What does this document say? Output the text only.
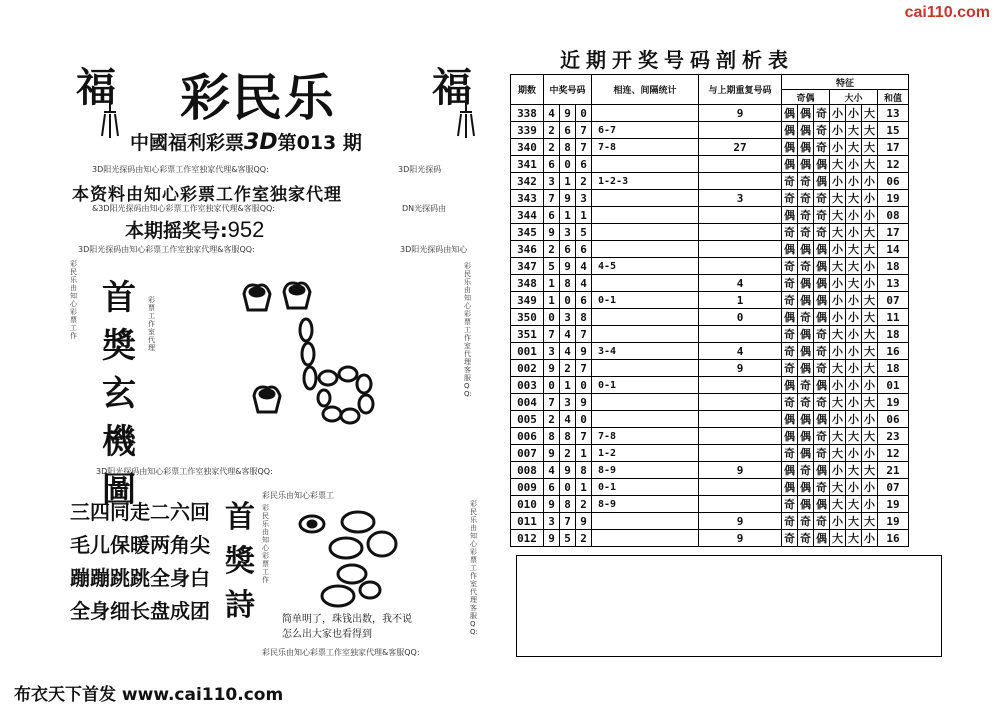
cai110.com
福	福
彩民乐
中國福利彩票3D第013 期
3D阳光探码由知心彩票工作室独家代理&客服QQ:	3D阳光探码
本资料由知心彩票工作室独家代理
&3D阳光探码由知心彩票工作室独家代理&客服QQ:	DN光探码由
本期摇奖号:952
3D阳光探码由知心彩票工作室独家代理&客服QQ:	3D阳光探码由知心
彩民乐由知心彩票工作
彩票工作室代理
彩民乐由知心彩票工作室代理客服QQ:
首
奬
玄
機
圖
3D阳光探码由知心彩票工作室独家代理&客服QQ:
三四同走二六回
毛儿保暖两角尖
蹦蹦跳跳全身白
全身细长盘成团
彩民乐由知心彩票工
首
獎
詩
彩民乐由知心彩票工作
彩民乐由知心彩票工作室代理客服QQ:
简单明了，珠钱出数，我不说
怎么出大家也看得到
彩民乐由知心彩票工作室独家代理&客服QQ:
布衣天下首发 www.cai110.com
近期开奖号码剖析表
期数	中奖号码			相连、间隔统计	与上期重复号码	特征						
						奇偶			大小			和值
338	4	9	0		9	偶	偶	奇	小	小	大	13
339	2	6	7	6-7		偶	偶	奇	小	大	大	15
340	2	8	7	7-8	27	偶	偶	奇	小	大	大	17
341	6	0	6			偶	偶	偶	大	小	大	12
342	3	1	2	1-2-3		奇	奇	偶	小	小	小	06
343	7	9	3		3	奇	奇	奇	大	大	小	19
344	6	1	1			偶	奇	奇	大	小	小	08
345	9	3	5			奇	奇	奇	大	小	大	17
346	2	6	6			偶	偶	偶	小	大	大	14
347	5	9	4	4-5		奇	奇	偶	大	大	小	18
348	1	8	4		4	奇	偶	偶	小	大	小	13
349	1	0	6	0-1	1	奇	偶	偶	小	小	大	07
350	0	3	8		0	偶	奇	偶	小	小	大	11
351	7	4	7			奇	偶	奇	大	小	大	18
001	3	4	9	3-4	4	奇	偶	奇	小	小	大	16
002	9	2	7		9	奇	偶	奇	大	小	大	18
003	0	1	0	0-1		偶	奇	偶	小	小	小	01
004	7	3	9			奇	奇	奇	大	小	大	19
005	2	4	0			偶	偶	偶	小	小	小	06
006	8	8	7	7-8		偶	偶	奇	大	大	大	23
007	9	2	1	1-2		奇	偶	奇	大	小	小	12
008	4	9	8	8-9	9	偶	奇	偶	小	大	大	21
009	6	0	1	0-1		偶	偶	奇	大	小	小	07
010	9	8	2	8-9		奇	偶	偶	大	大	小	19
011	3	7	9		9	奇	奇	奇	小	大	大	19
012	9	5	2		9	奇	奇	偶	大	大	小	16
